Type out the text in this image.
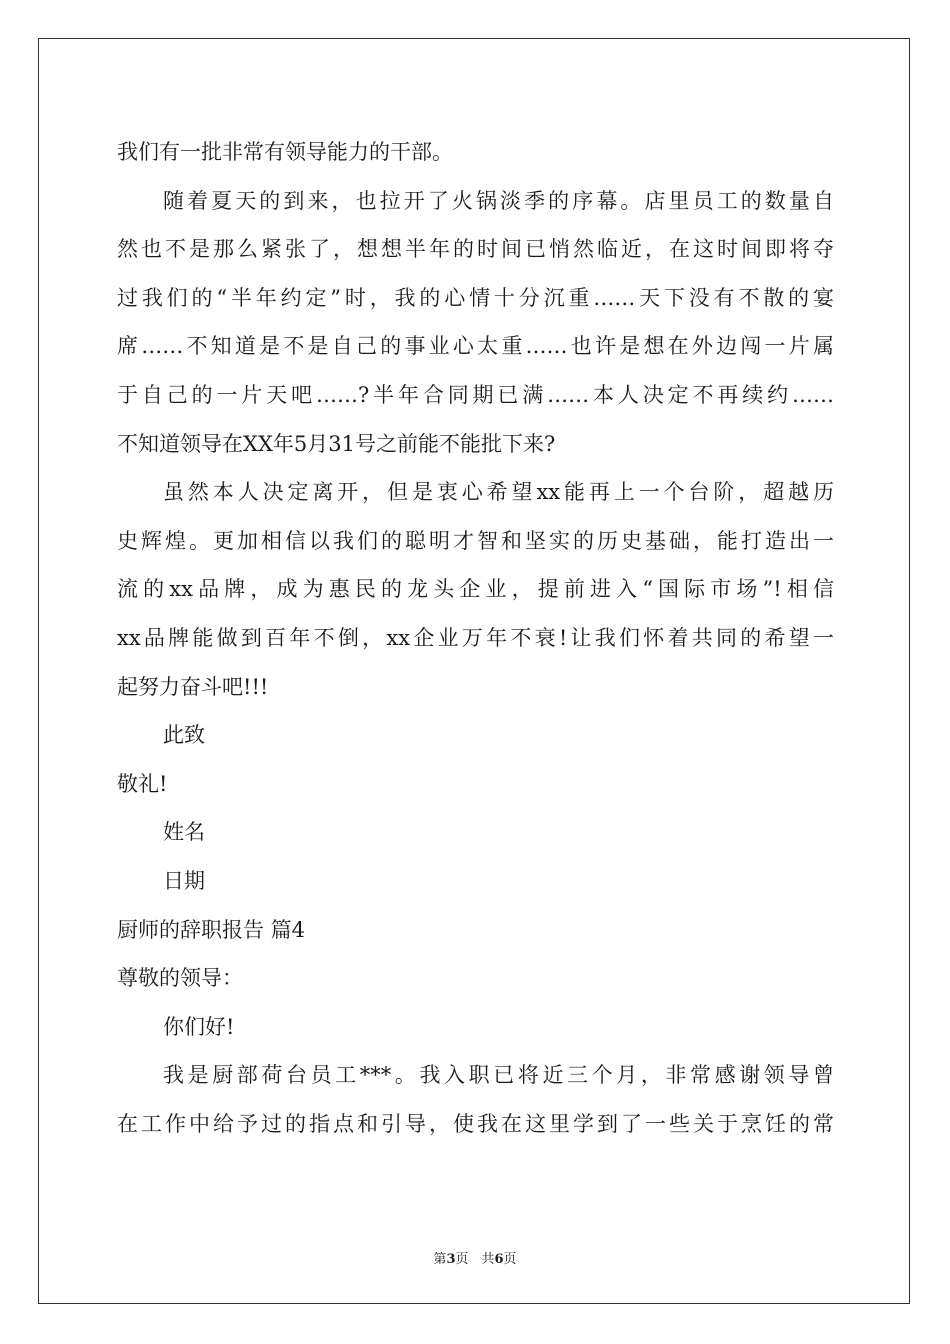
我们有一批非常有领导能力的干部。
随着夏天的到来，也拉开了火锅淡季的序幕。店里员工的数量自
然也不是那么紧张了，想想半年的时间已悄然临近，在这时间即将夺
过我们的“半年约定”时，我的心情十分沉重……天下没有不散的宴
席……不知道是不是自己的事业心太重……也许是想在外边闯一片属
于自己的一片天吧……?半年合同期已满……本人决定不再续约……
不知道领导在XX年5月31号之前能不能批下来?
虽然本人决定离开，但是衷心希望xx能再上一个台阶，超越历
史辉煌。更加相信以我们的聪明才智和坚实的历史基础，能打造出一
流的xx品牌，成为惠民的龙头企业，提前进入“国际市场”!相信
xx品牌能做到百年不倒，xx企业万年不衰!让我们怀着共同的希望一
起努力奋斗吧!!!
此致
敬礼!
姓名
日期
厨师的辞职报告 篇4
尊敬的领导：
你们好!
我是厨部荷台员工***。我入职已将近三个月，非常感谢领导曾
在工作中给予过的指点和引导，使我在这里学到了一些关于烹饪的常
第3页　共6页
